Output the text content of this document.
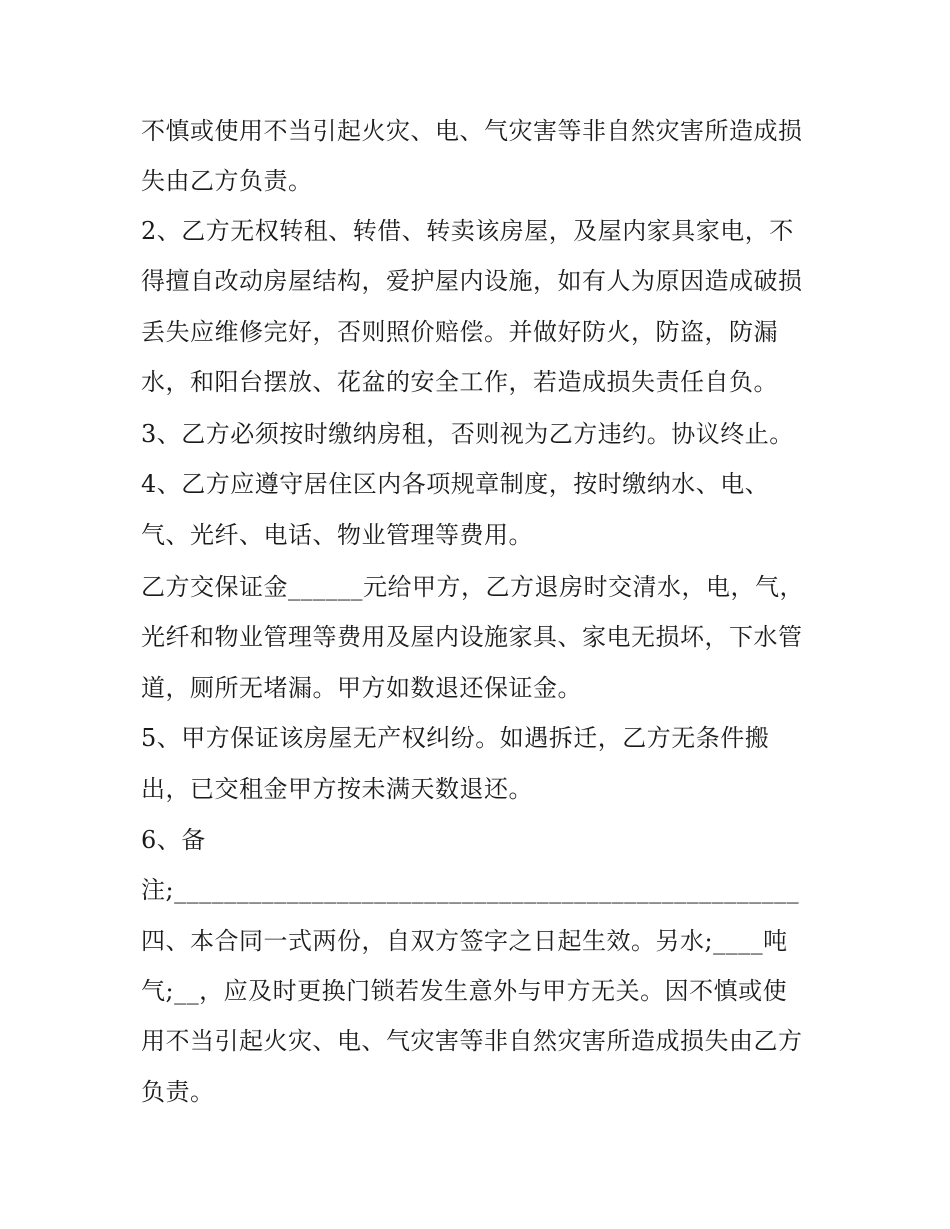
不慎或使用不当引起火灾、电、气灾害等非自然灾害所造成损
失由乙方负责。
2、乙方无权转租、转借、转卖该房屋，及屋内家具家电，不
得擅自改动房屋结构，爱护屋内设施，如有人为原因造成破损
丢失应维修完好，否则照价赔偿。并做好防火，防盗，防漏
水，和阳台摆放、花盆的安全工作，若造成损失责任自负。
3、乙方必须按时缴纳房租，否则视为乙方违约。协议终止。
4、乙方应遵守居住区内各项规章制度，按时缴纳水、电、
气、光纤、电话、物业管理等费用。
乙方交保证金______元给甲方，乙方退房时交清水，电，气，
光纤和物业管理等费用及屋内设施家具、家电无损坏，下水管
道，厕所无堵漏。甲方如数退还保证金。
5、甲方保证该房屋无产权纠纷。如遇拆迁，乙方无条件搬
出，已交租金甲方按未满天数退还。
6、备
注;__________________________________________________
四、本合同一式两份，自双方签字之日起生效。另水;____吨
气;__，应及时更换门锁若发生意外与甲方无关。因不慎或使
用不当引起火灾、电、气灾害等非自然灾害所造成损失由乙方
负责。
